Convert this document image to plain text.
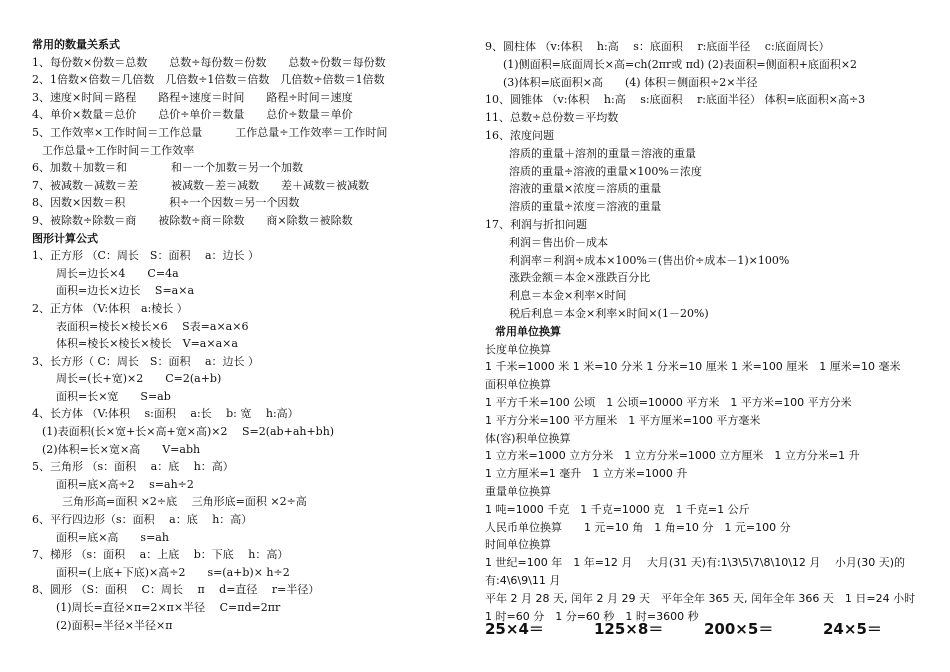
常用的数量关系式
1、每份数×份数＝总数　　总数÷每份数＝份数　　总数÷份数＝每份数
2、1倍数×倍数＝几倍数　几倍数÷1倍数＝倍数　几倍数÷倍数＝1倍数
3、速度×时间＝路程　　路程÷速度＝时间　　路程÷时间＝速度
4、单价×数量＝总价　　总价÷单价＝数量　　总价÷数量＝单价
5、工作效率×工作时间＝工作总量　　　工作总量÷工作效率＝工作时间
工作总量÷工作时间＝工作效率
6、加数＋加数＝和　　　　和－一个加数＝另一个加数
7、被减数－减数＝差　　　被减数－差＝减数　　差＋减数＝被减数
8、因数×因数＝积　　　　积÷一个因数＝另一个因数
9、被除数÷除数＝商　　被除数÷商＝除数　　商×除数＝被除数
图形计算公式
1、正方形 （C：周长　S：面积　 a：边长 ）
周长=边长×4　　C=4a
面积=边长×边长　 S=a×a
2、正方体 （V:体积　a:棱长 ）
表面积=棱长×棱长×6　 S表=a×a×6
体积=棱长×棱长×棱长　V=a×a×a
3、长方形（ C：周长　S：面积　 a：边长 ）
周长=(长+宽)×2　　C=2(a+b)
面积=长×宽　　S=ab
4、长方体 （V:体积　 s:面积　 a:长　 b: 宽　 h:高）
(1)表面积(长×宽+长×高+宽×高)×2　 S=2(ab+ah+bh)
(2)体积=长×宽×高　　V=abh
5、三角形 （s：面积　 a：底　 h：高）
面积=底×高÷2　 s=ah÷2
三角形高=面积 ×2÷底　 三角形底=面积 ×2÷高
6、平行四边形（s：面积　 a：底　 h：高）
面积=底×高　　s=ah
7、梯形 （s：面积　 a：上底　 b：下底　 h：高）
面积=(上底+下底)×高÷2　　s=(a+b)× h÷2
8、圆形 （S：面积　 C：周长　 π　 d=直径　 r=半径）
(1)周长=直径×π=2×π×半径　 C=πd=2πr
(2)面积=半径×半径×π
9、圆柱体 （v:体积　 h:高　 s：底面积　 r:底面半径　 c:底面周长）
(1)侧面积=底面周长×高=ch(2πr或 πd) (2)表面积=侧面积+底面积×2
(3)体积=底面积×高　　(4) 体积＝侧面积÷2×半径
10、圆锥体 （v:体积　 h:高　 s:底面积　 r:底面半径） 体积=底面积×高÷3
11、总数÷总份数＝平均数
16、浓度问题
溶质的重量＋溶剂的重量＝溶液的重量
溶质的重量÷溶液的重量×100%＝浓度
溶液的重量×浓度＝溶质的重量
溶质的重量÷浓度＝溶液的重量
17、利润与折扣问题
利润＝售出价－成本
利润率＝利润÷成本×100%＝(售出价÷成本－1)×100%
涨跌金额＝本金×涨跌百分比
利息＝本金×利率×时间
税后利息＝本金×利率×时间×(1－20%)
常用单位换算
长度单位换算
1 千米=1000 米 1 米=10 分米 1 分米=10 厘米 1 米=100 厘米　1 厘米=10 毫米
面积单位换算
1 平方千米=100 公顷　1 公顷=10000 平方米　1 平方米=100 平方分米
1 平方分米=100 平方厘米　1 平方厘米=100 平方毫米
体(容)积单位换算
1 立方米=1000 立方分米　1 立方分米=1000 立方厘米　1 立方分米=1 升
1 立方厘米=1 毫升　1 立方米=1000 升
重量单位换算
1 吨=1000 千克　1 千克=1000 克　1 千克=1 公斤
人民币单位换算　　1 元=10 角　1 角=10 分　1 元=100 分
时间单位换算
1 世纪=100 年　1 年=12 月　 大月(31 天)有:1\3\5\7\8\10\12 月　 小月(30 天)的
有:4\6\9\11 月
平年 2 月 28 天, 闰年 2 月 29 天　平年全年 365 天, 闰年全年 366 天　1 日=24 小时
1 时=60 分　1 分=60 秒　1 时=3600 秒
25×4＝	125×8＝	200×5＝	24×5＝
